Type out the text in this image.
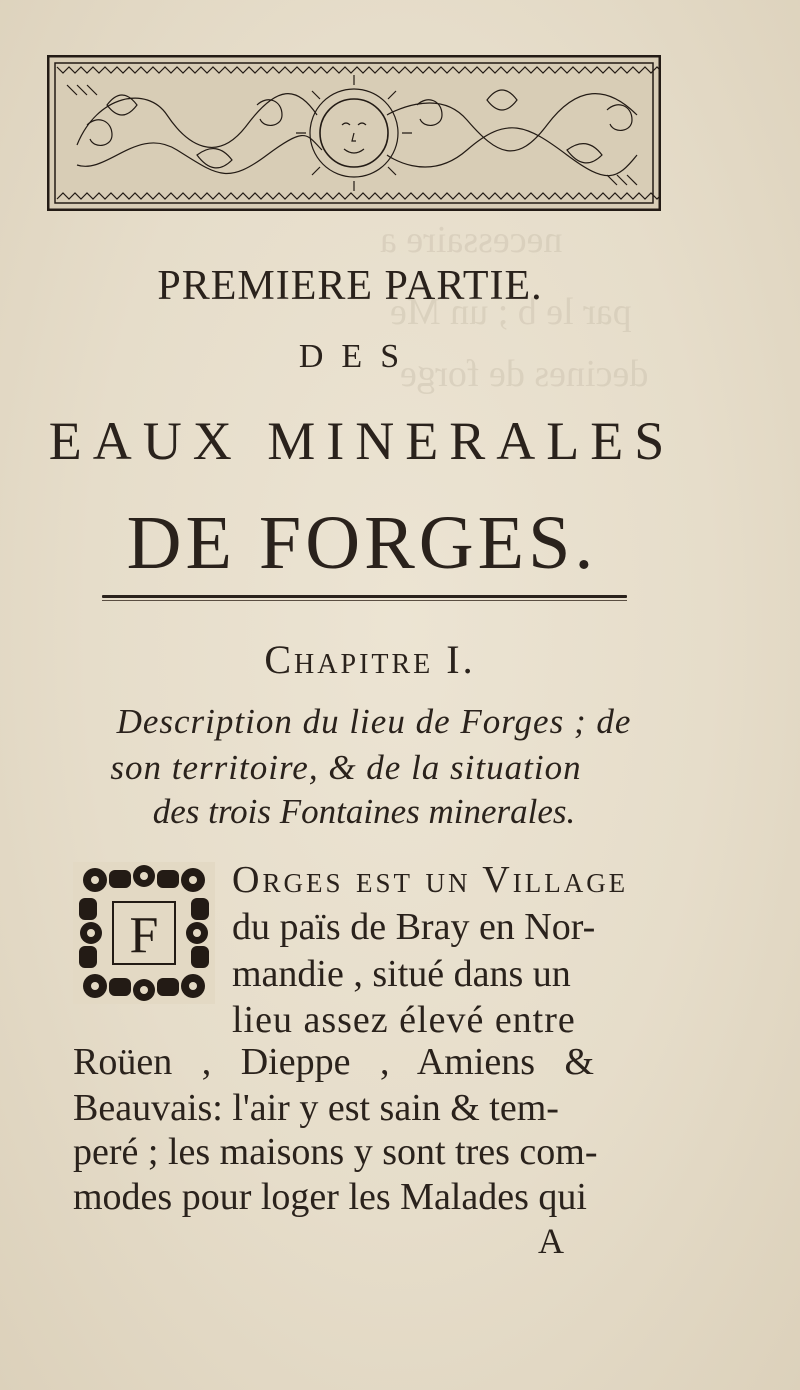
necessaire a
par le b ; un Me
decines de forge
PREMIERE PARTIE.
DES
EAUX MINERALES
DE FORGES.
Chapitre I.
Description du lieu de Forges ; de
son territoire, & de la situation
des trois Fontaines minerales.
F
Orges est un Village
du païs de Bray en Nor-
mandie , situé dans un
lieu assez élevé entre
Roüen , Dieppe , Amiens &
Beauvais: l'air y est sain & tem-
peré ; les maisons y sont tres com-
modes pour loger les Malades qui
A
